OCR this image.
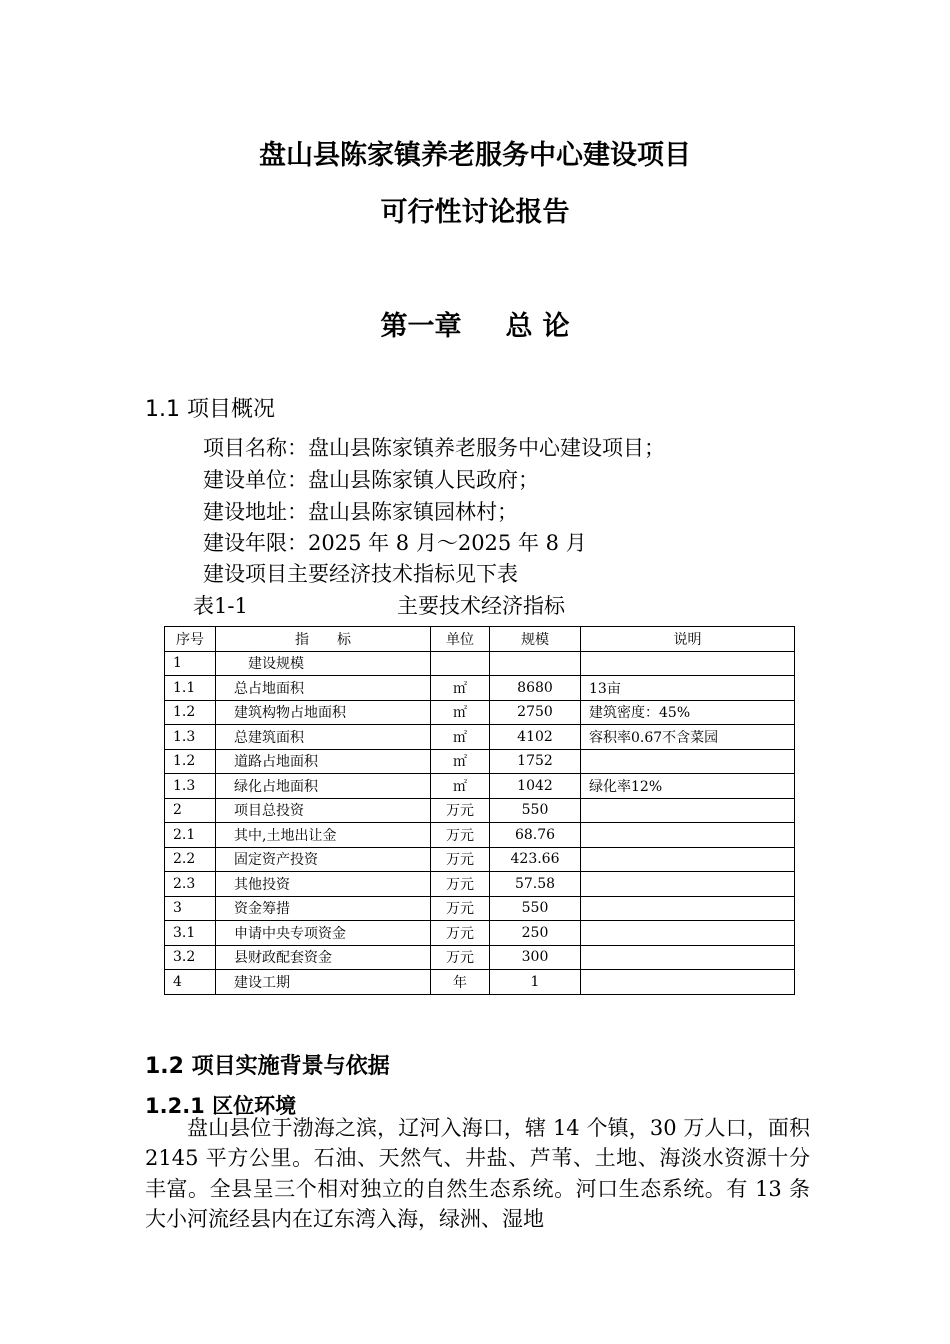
盘山县陈家镇养老服务中心建设项目
可行性讨论报告
第一章 总 论
1.1 项目概况
项目名称：盘山县陈家镇养老服务中心建设项目；
建设单位：盘山县陈家镇人民政府；
建设地址：盘山县陈家镇园林村；
建设年限：2025 年 8 月～2025 年 8 月
建设项目主要经济技术指标见下表
表1-1	主要技术经济指标
序号	指　　标	单位	规模	说明
1	　建设规模			
1.1	总占地面积	㎡	8680	13亩
1.2	建筑构物占地面积	㎡	2750	建筑密度：45%
1.3	总建筑面积	㎡	4102	容积率0.67不含菜园
1.2	道路占地面积	㎡	1752	
1.3	绿化占地面积	㎡	1042	绿化率12%
2	项目总投资	万元	550	
2.1	其中,土地出让金	万元	68.76	
2.2	固定资产投资	万元	423.66	
2.3	其他投资	万元	57.58	
3	资金筹措	万元	550	
3.1	申请中央专项资金	万元	250	
3.2	县财政配套资金	万元	300	
4	建设工期	年	1	
1.2 项目实施背景与依据
1.2.1 区位环境
盘山县位于渤海之滨，辽河入海口，辖 14 个镇，30 万人口，面积 2145 平方公里。石油、天然气、井盐、芦苇、土地、海淡水资源十分丰富。全县呈三个相对独立的自然生态系统。河口生态系统。有 13 条大小河流经县内在辽东湾入海，绿洲、湿地
